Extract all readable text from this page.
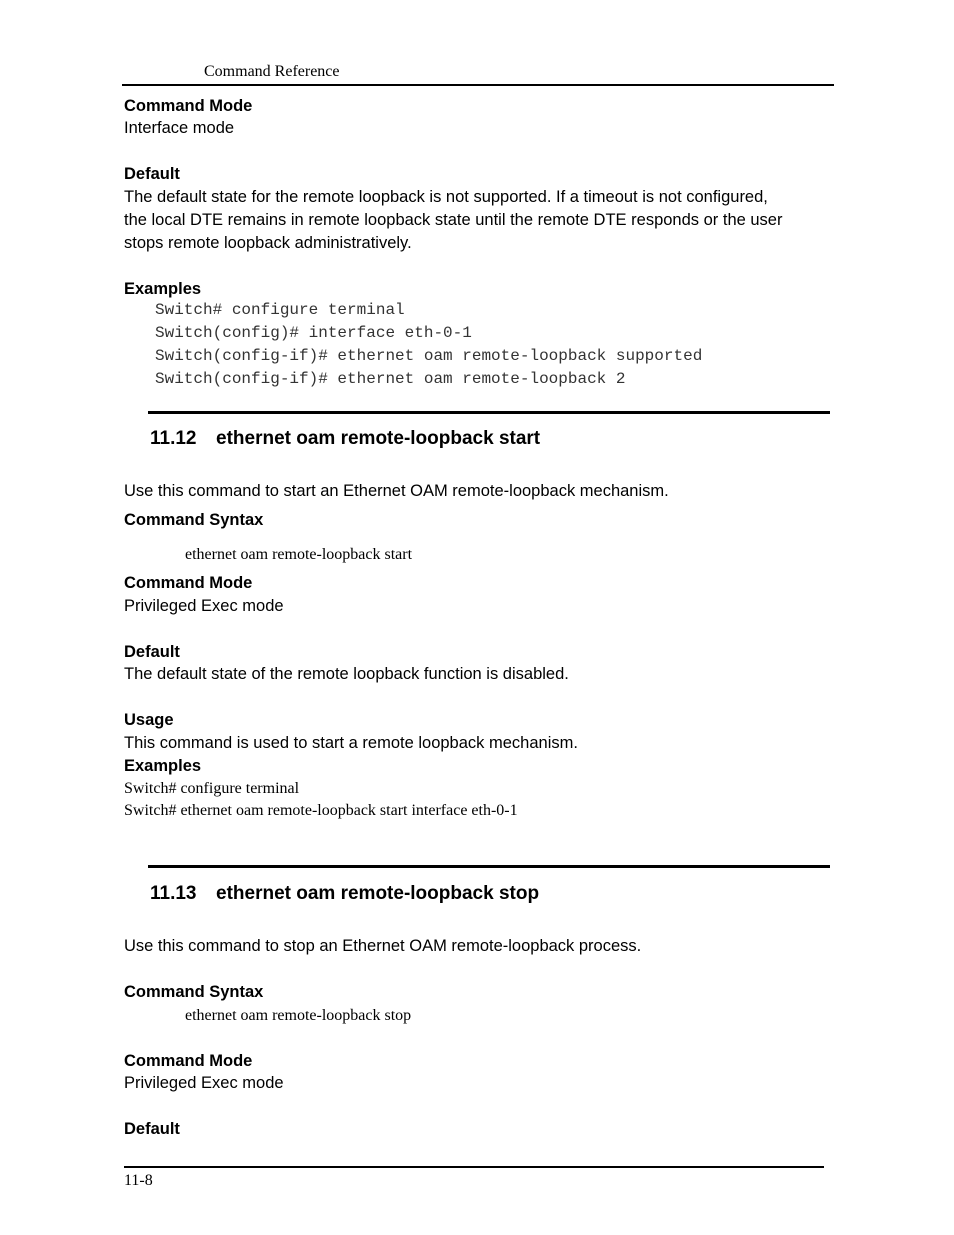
Command Reference
Command Mode
Interface mode
Default
The default state for the remote loopback is not supported. If a timeout is not configured,
the local DTE remains in remote loopback state until the remote DTE responds or the user
stops remote loopback administratively.
Examples
Switch# configure terminal
Switch(config)# interface eth-0-1
Switch(config-if)# ethernet oam remote-loopback supported
Switch(config-if)# ethernet oam remote-loopback 2
11.12 ethernet oam remote-loopback start
Use this command to start an Ethernet OAM remote-loopback mechanism.
Command Syntax
ethernet oam remote-loopback start
Command Mode
Privileged Exec mode
Default
The default state of the remote loopback function is disabled.
Usage
This command is used to start a remote loopback mechanism.
Examples
Switch# configure terminal
Switch# ethernet oam remote-loopback start interface eth-0-1
11.13 ethernet oam remote-loopback stop
Use this command to stop an Ethernet OAM remote-loopback process.
Command Syntax
ethernet oam remote-loopback stop
Command Mode
Privileged Exec mode
Default
11-8
